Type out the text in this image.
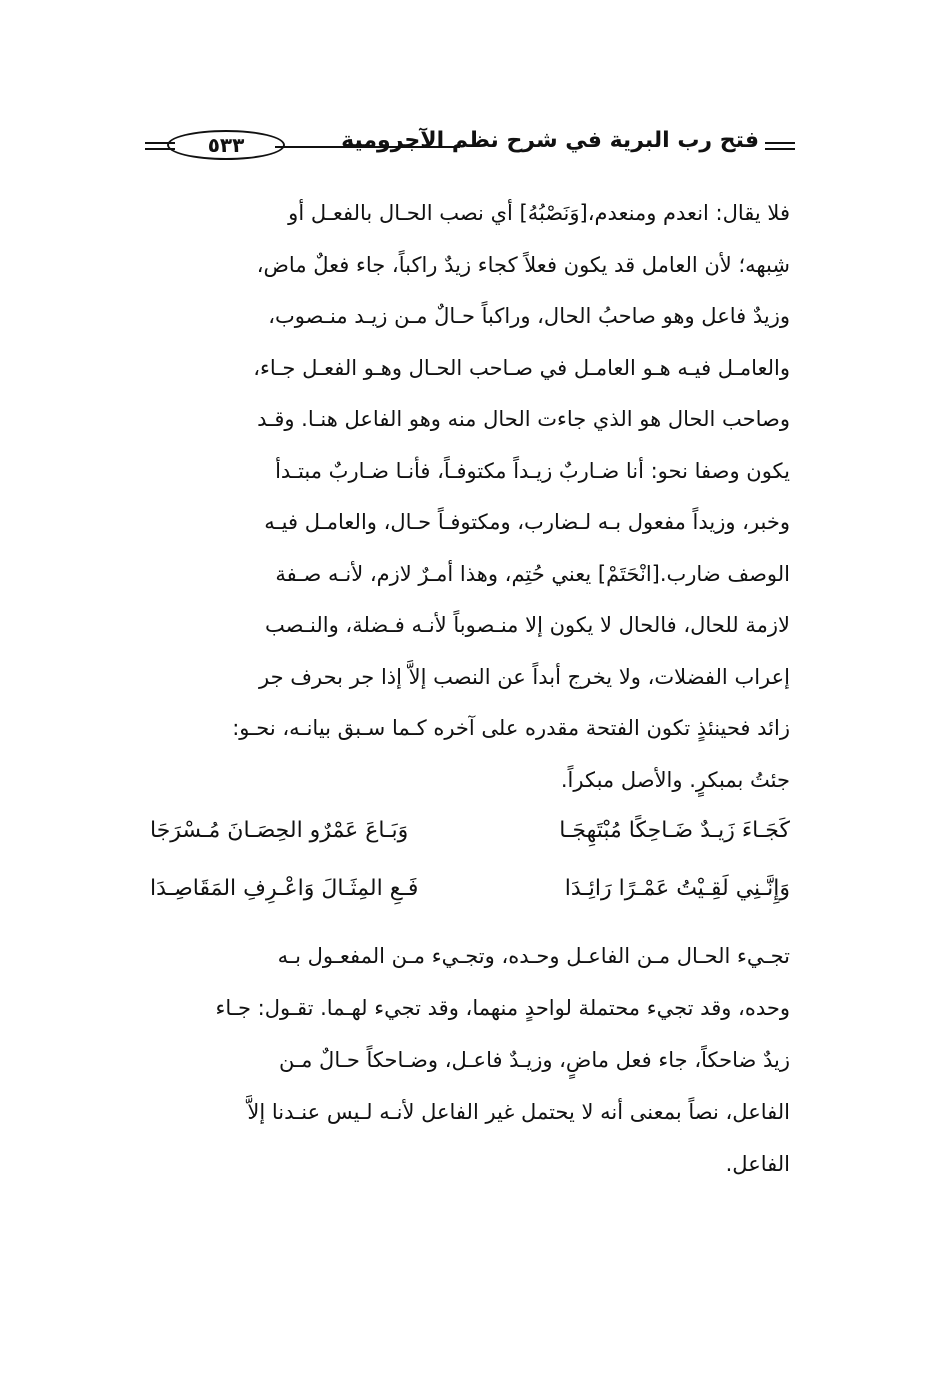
٥٣٣	فتح رب البرية في شرح نظم الآجرومية
فلا يقال: انعدم ومنعدم،[وَنَصْبُهُ] أي نصب الحـال بالفعـل أو
شِبهه؛ لأن العامل قد يكون فعلاً كجاء زيدٌ راكباً، جاء فعلٌ ماض،
وزيدٌ فاعل وهو صاحبُ الحال، وراكباً حـالٌ مـن زيـد منـصوب،
والعامـل فيـه هـو العامـل في صـاحب الحـال وهـو الفعـل جـاء،
وصاحب الحال هو الذي جاءت الحال منه وهو الفاعل هنـا. وقـد
يكون وصفا نحو: أنا ضـاربٌ زيـداً مكتوفـاً، فأنـا ضـاربٌ مبتـدأ
وخبر، وزيداً مفعول بـه لـضارب، ومكتوفـاً حـال، والعامـل فيـه
الوصف ضارب.[انْحَتَمْ] يعني حُتِم، وهذا أمـرٌ لازم، لأنـه صـفة
لازمة للحال، فالحال لا يكون إلا منـصوباً لأنـه فـضلة، والنـصب
إعراب الفضلات، ولا يخرج أبداً عن النصب إلاَّ إذا جر بحرف جر
زائد فحينئذٍ تكون الفتحة مقدره على آخره كـما سـبق بيانـه، نحـو:
جئتُ بمبكرٍ. والأصل مبكراً.
كَجَـاءَ زَيـدٌ ضَـاحِكًا مُبْتَهِجَـا
وَبَـاعَ عَمْرٌو الحِصَـانَ مُـسْرَجَا
وَإِنَّـنِي لَقِـيْتُ عَمْـرًا رَائِـدَا
فَـعِ المِثَـالَ وَاعْـرِفِ المَقَاصِـدَا
تجـيء الحـال مـن الفاعـل وحـده، وتجـيء مـن المفعـول بـه
وحده، وقد تجيء محتملة لواحدٍ منهما، وقد تجيء لهـما. تقـول: جـاء
زيدٌ ضاحكاً، جاء فعل ماضٍ، وزيـدٌ فاعـل، وضـاحكاً حـالٌ مـن
الفاعل، نصاً بمعنى أنه لا يحتمل غير الفاعل لأنـه لـيس عنـدنا إلاَّ
الفاعل.
